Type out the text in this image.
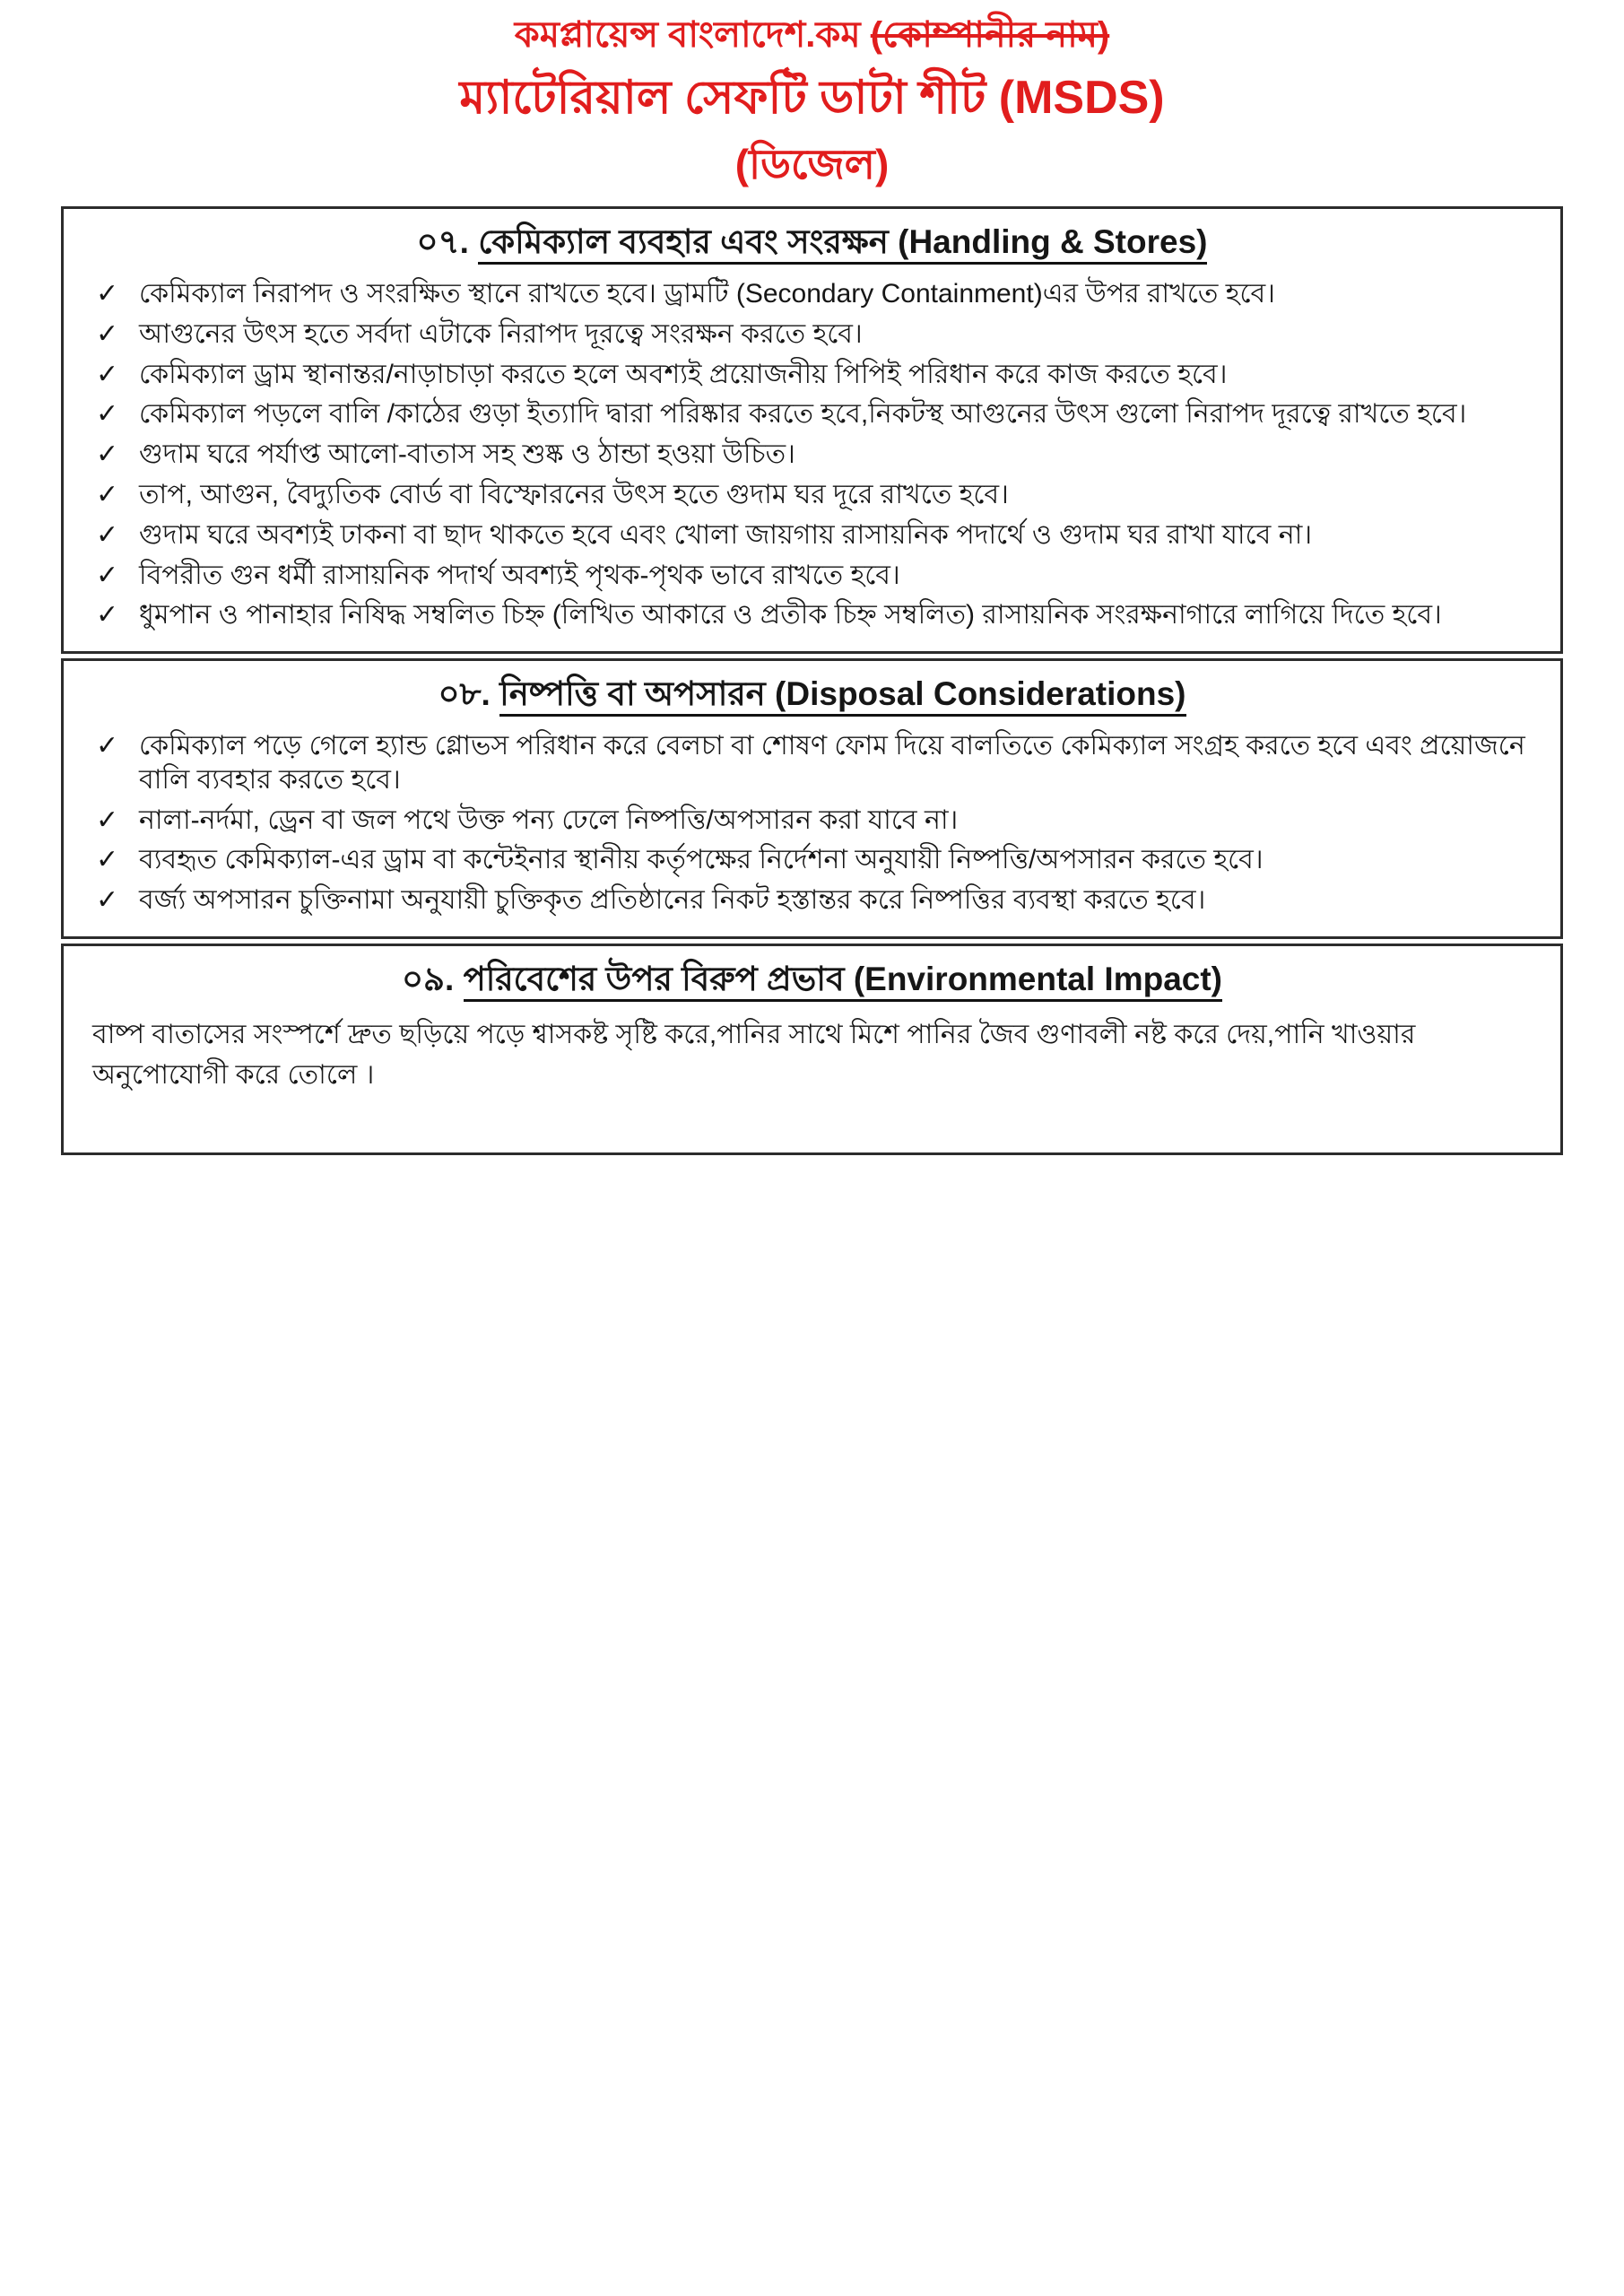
কমপ্লায়েন্স বাংলাদেশ.কম (কোম্পানীর নাম)
ম্যাটেরিয়াল সেফটি ডাটা শীট (MSDS)
(ডিজেল)
০৭. কেমিক্যাল ব্যবহার এবং সংরক্ষন (Handling & Stores)
✓ কেমিক্যাল নিরাপদ ও সংরক্ষিত স্থানে রাখতে হবে। ড্রামটি (Secondary Containment)এর উপর রাখতে হবে।
✓ আগুনের উৎস হতে সর্বদা এটাকে নিরাপদ দূরত্বে সংরক্ষন করতে হবে।
✓ কেমিক্যাল ড্রাম স্থানান্তর/নাড়াচাড়া করতে হলে অবশ্যই প্রয়োজনীয় পিপিই পরিধান করে কাজ করতে হবে।
✓ কেমিক্যাল পড়লে বালি /কাঠের গুড়া ইত্যাদি দ্বারা পরিষ্কার করতে হবে,নিকটস্থ আগুনের উৎস গুলো নিরাপদ দূরত্বে রাখতে হবে।
✓ গুদাম ঘরে পর্যাপ্ত আলো-বাতাস সহ শুষ্ক ও ঠান্ডা হওয়া উচিত।
✓ তাপ, আগুন, বৈদ্যুতিক বোর্ড বা বিস্ফোরনের উৎস হতে গুদাম ঘর দূরে রাখতে হবে।
✓ গুদাম ঘরে অবশ্যই ঢাকনা বা ছাদ থাকতে হবে এবং খোলা জায়গায় রাসায়নিক পদার্থে ও গুদাম ঘর রাখা যাবে না।
✓ বিপরীত গুন ধর্মী রাসায়নিক পদার্থ অবশ্যই পৃথক-পৃথক ভাবে রাখতে হবে।
✓ ধুমপান ও পানাহার নিষিদ্ধ সম্বলিত চিহ্ন (লিখিত আকারে ও প্রতীক চিহ্ন সম্বলিত) রাসায়নিক সংরক্ষনাগারে লাগিয়ে দিতে হবে।
০৮. নিষ্পত্তি বা অপসারন (Disposal Considerations)
✓ কেমিক্যাল পড়ে গেলে হ্যান্ড গ্লোভস পরিধান করে বেলচা বা শোষণ ফোম দিয়ে বালতিতে কেমিক্যাল সংগ্রহ করতে হবে এবং প্রয়োজনে বালি ব্যবহার করতে হবে।
✓ নালা-নর্দমা, ড্রেন বা জল পথে উক্ত পন্য ঢেলে নিষ্পত্তি/অপসারন করা যাবে না।
✓ ব্যবহৃত কেমিক্যাল-এর ড্রাম বা কন্টেইনার স্থানীয় কর্তৃপক্ষের নির্দেশনা অনুযায়ী নিষ্পত্তি/অপসারন করতে হবে।
✓ বর্জ্য অপসারন চুক্তিনামা অনুযায়ী চুক্তিকৃত প্রতিষ্ঠানের নিকট হস্তান্তর করে নিষ্পত্তির ব্যবস্থা করতে হবে।
০৯. পরিবেশের উপর বিরুপ প্রভাব (Environmental Impact)

বাষ্প বাতাসের সংস্পর্শে দ্রুত ছড়িয়ে পড়ে শ্বাসকষ্ট সৃষ্টি করে,পানির সাথে মিশে পানির জৈব গুণাবলী নষ্ট করে দেয়,পানি খাওয়ার অনুপোযোগী করে তোলে ।
